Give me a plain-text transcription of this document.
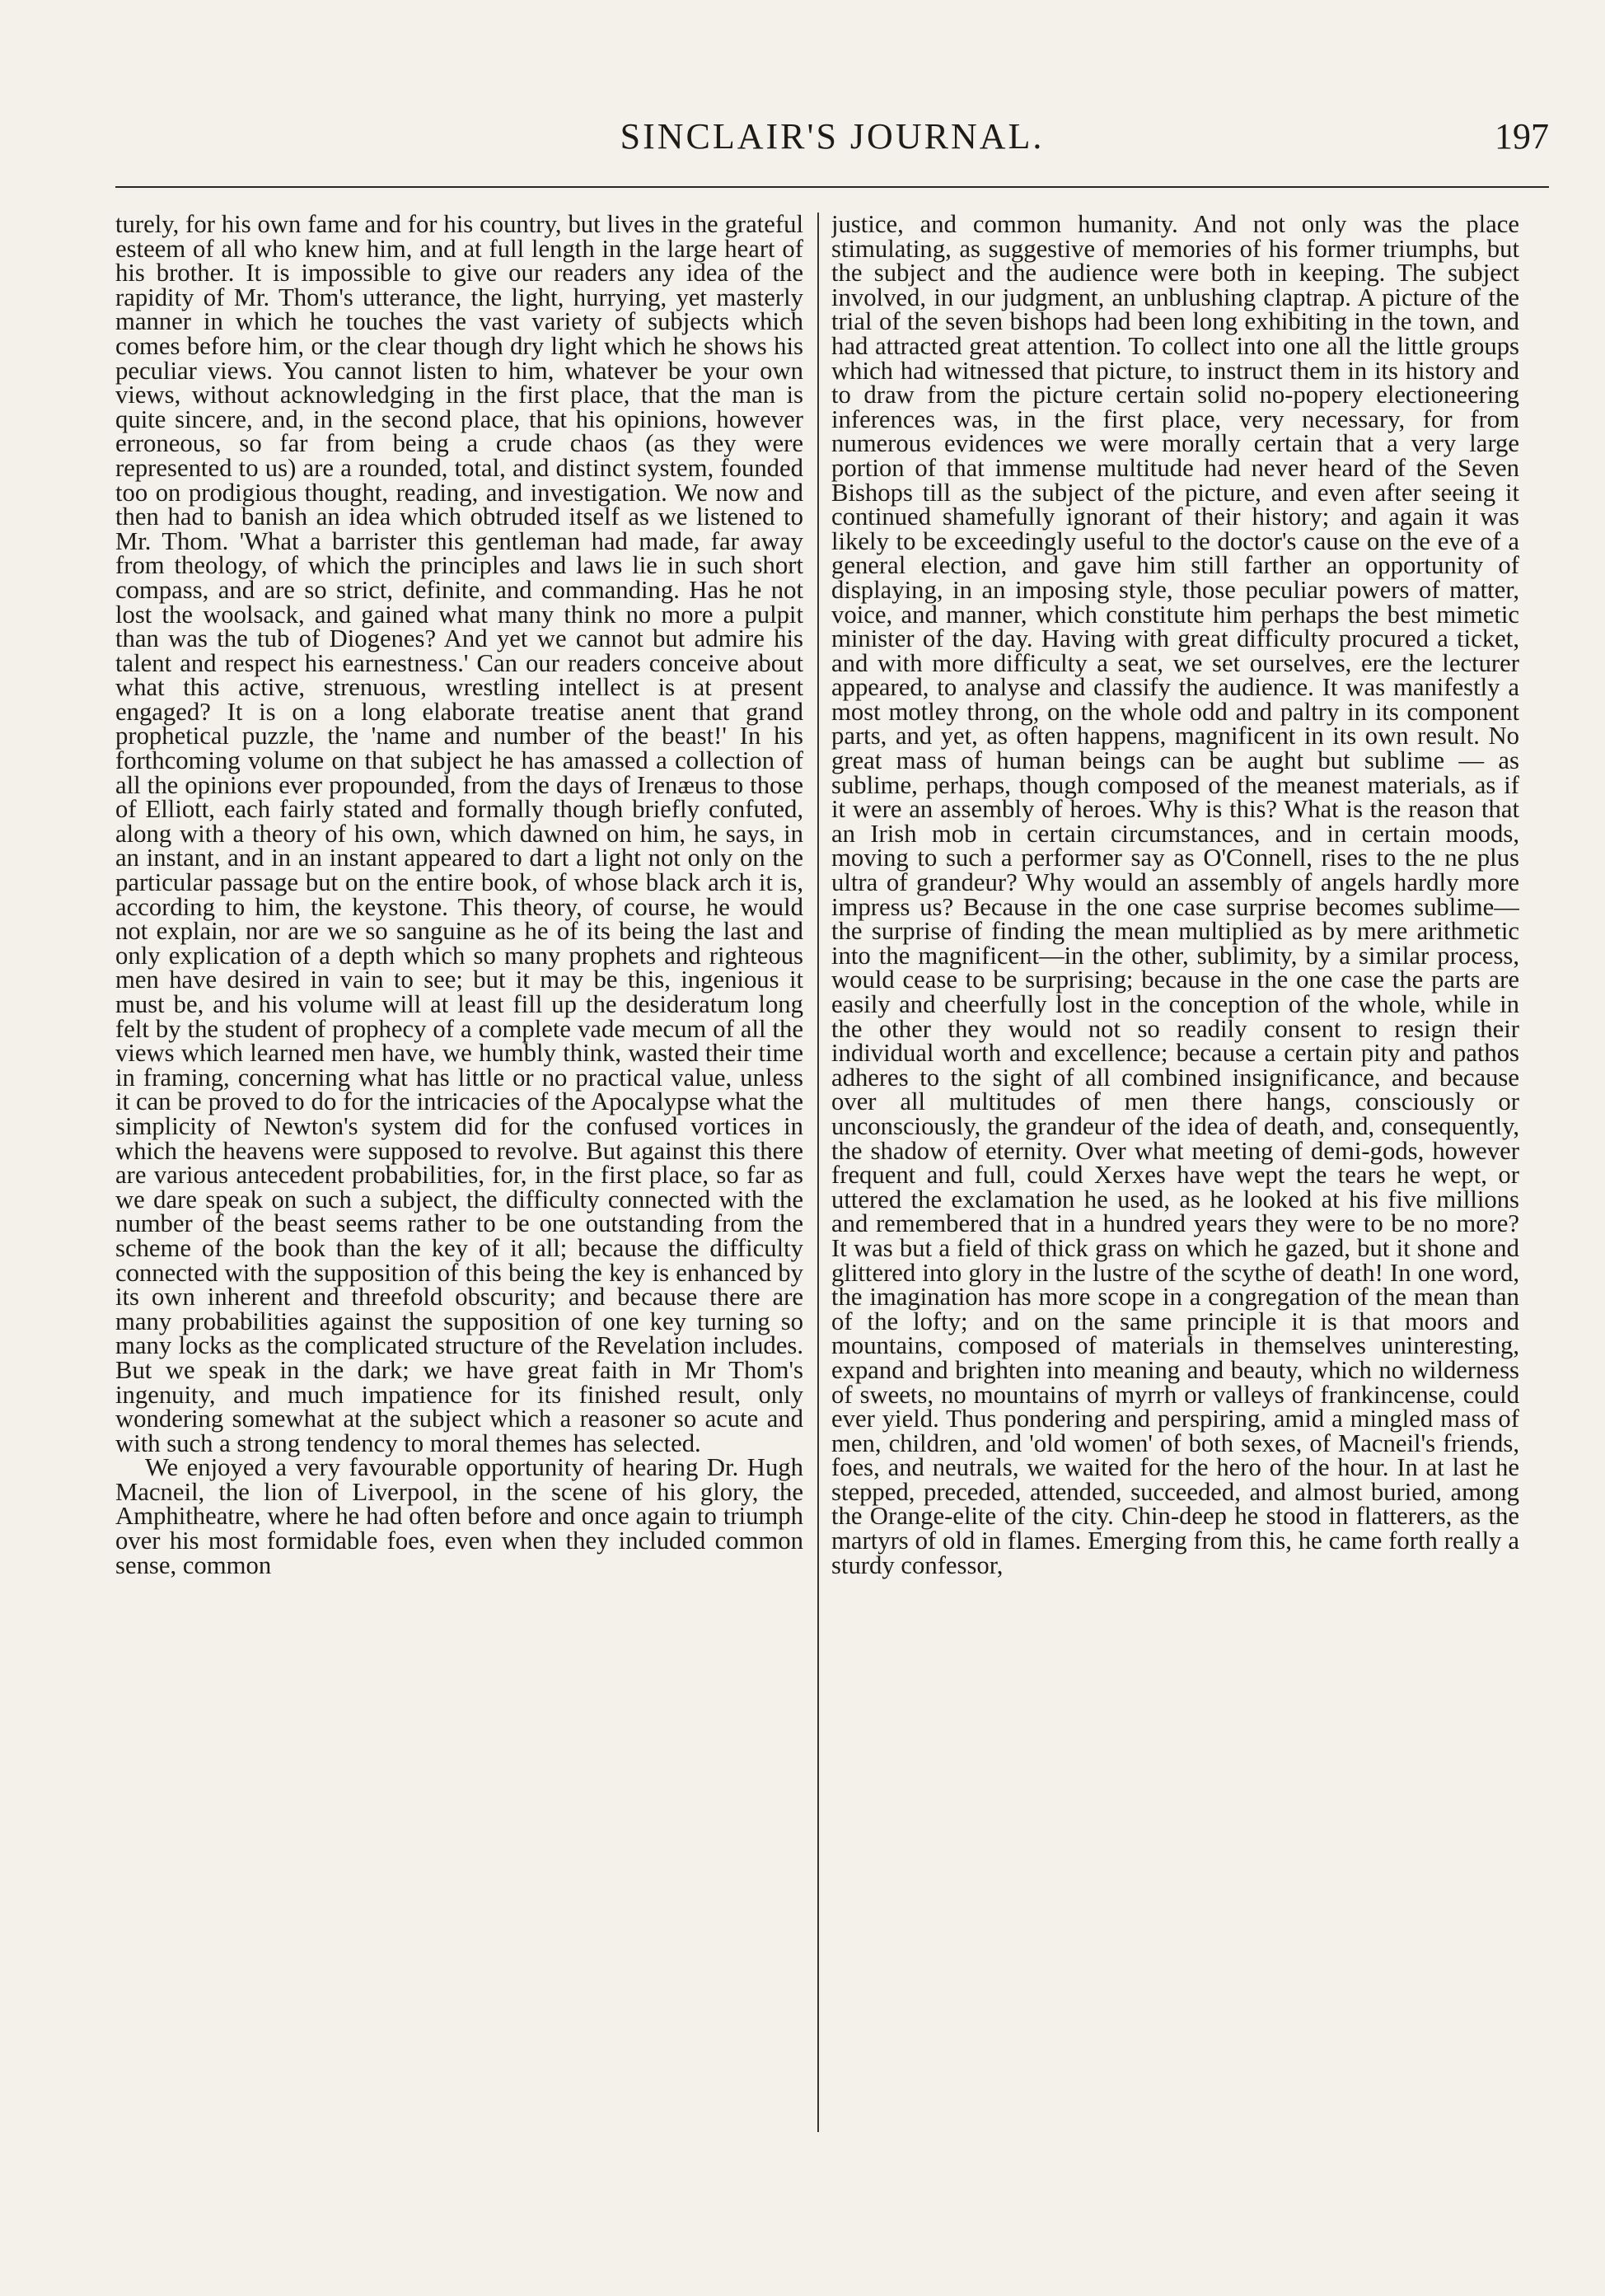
SINCLAIR'S JOURNAL.	197

turely, for his own fame and for his country, but lives in the grateful esteem of all who knew him, and at full length in the large heart of his brother. It is impossible to give our readers any idea of the rapidity of Mr. Thom's utterance, the light, hurrying, yet masterly manner in which he touches the vast variety of subjects which comes before him, or the clear though dry light which he shows his peculiar views. You cannot listen to him, whatever be your own views, without acknowledging in the first place, that the man is quite sincere, and, in the second place, that his opinions, however erroneous, so far from being a crude chaos (as they were represented to us) are a rounded, total, and distinct system, founded too on prodigious thought, reading, and investigation. We now and then had to banish an idea which obtruded itself as we listened to Mr. Thom. 'What a barrister this gentleman had made, far away from theology, of which the principles and laws lie in such short compass, and are so strict, definite, and commanding. Has he not lost the woolsack, and gained what many think no more a pulpit than was the tub of Diogenes? And yet we cannot but admire his talent and respect his earnestness.' Can our readers conceive about what this active, strenuous, wrestling intellect is at present engaged? It is on a long elaborate treatise anent that grand prophetical puzzle, the 'name and number of the beast!' In his forthcoming volume on that subject he has amassed a collection of all the opinions ever propounded, from the days of Irenæus to those of Elliott, each fairly stated and formally though briefly confuted, along with a theory of his own, which dawned on him, he says, in an instant, and in an instant appeared to dart a light not only on the particular passage but on the entire book, of whose black arch it is, according to him, the keystone. This theory, of course, he would not explain, nor are we so sanguine as he of its being the last and only explication of a depth which so many prophets and righteous men have desired in vain to see; but it may be this, ingenious it must be, and his volume will at least fill up the desideratum long felt by the student of prophecy of a complete vade mecum of all the views which learned men have, we humbly think, wasted their time in framing, concerning what has little or no practical value, unless it can be proved to do for the intricacies of the Apocalypse what the simplicity of Newton's system did for the confused vortices in which the heavens were supposed to revolve. But against this there are various antecedent probabilities, for, in the first place, so far as we dare speak on such a subject, the difficulty connected with the number of the beast seems rather to be one outstanding from the scheme of the book than the key of it all; because the difficulty connected with the supposition of this being the key is enhanced by its own inherent and threefold obscurity; and because there are many probabilities against the supposition of one key turning so many locks as the complicated structure of the Revelation includes. But we speak in the dark; we have great faith in Mr Thom's ingenuity, and much impatience for its finished result, only wondering somewhat at the subject which a reasoner so acute and with such a strong tendency to moral themes has selected.

We enjoyed a very favourable opportunity of hearing Dr. Hugh Macneil, the lion of Liverpool, in the scene of his glory, the Amphitheatre, where he had often before and once again to triumph over his most formidable foes, even when they included common sense, common

justice, and common humanity. And not only was the place stimulating, as suggestive of memories of his former triumphs, but the subject and the audience were both in keeping. The subject involved, in our judgment, an unblushing claptrap. A picture of the trial of the seven bishops had been long exhibiting in the town, and had attracted great attention. To collect into one all the little groups which had witnessed that picture, to instruct them in its history and to draw from the picture certain solid no-popery electioneering inferences was, in the first place, very necessary, for from numerous evidences we were morally certain that a very large portion of that immense multitude had never heard of the Seven Bishops till as the subject of the picture, and even after seeing it continued shamefully ignorant of their history; and again it was likely to be exceedingly useful to the doctor's cause on the eve of a general election, and gave him still farther an opportunity of displaying, in an imposing style, those peculiar powers of matter, voice, and manner, which constitute him perhaps the best mimetic minister of the day. Having with great difficulty procured a ticket, and with more difficulty a seat, we set ourselves, ere the lecturer appeared, to analyse and classify the audience. It was manifestly a most motley throng, on the whole odd and paltry in its component parts, and yet, as often happens, magnificent in its own result. No great mass of human beings can be aught but sublime — as sublime, perhaps, though composed of the meanest materials, as if it were an assembly of heroes. Why is this? What is the reason that an Irish mob in certain circumstances, and in certain moods, moving to such a performer say as O'Connell, rises to the ne plus ultra of grandeur? Why would an assembly of angels hardly more impress us? Because in the one case surprise becomes sublime—the surprise of finding the mean multiplied as by mere arithmetic into the magnificent—in the other, sublimity, by a similar process, would cease to be surprising; because in the one case the parts are easily and cheerfully lost in the conception of the whole, while in the other they would not so readily consent to resign their individual worth and excellence; because a certain pity and pathos adheres to the sight of all combined insignificance, and because over all multitudes of men there hangs, consciously or unconsciously, the grandeur of the idea of death, and, consequently, the shadow of eternity. Over what meeting of demi-gods, however frequent and full, could Xerxes have wept the tears he wept, or uttered the exclamation he used, as he looked at his five millions and remembered that in a hundred years they were to be no more? It was but a field of thick grass on which he gazed, but it shone and glittered into glory in the lustre of the scythe of death! In one word, the imagination has more scope in a congregation of the mean than of the lofty; and on the same principle it is that moors and mountains, composed of materials in themselves uninteresting, expand and brighten into meaning and beauty, which no wilderness of sweets, no mountains of myrrh or valleys of frankincense, could ever yield. Thus pondering and perspiring, amid a mingled mass of men, children, and 'old women' of both sexes, of Macneil's friends, foes, and neutrals, we waited for the hero of the hour. In at last he stepped, preceded, attended, succeeded, and almost buried, among the Orange-elite of the city. Chin-deep he stood in flatterers, as the martyrs of old in flames. Emerging from this, he came forth really a sturdy confessor,
